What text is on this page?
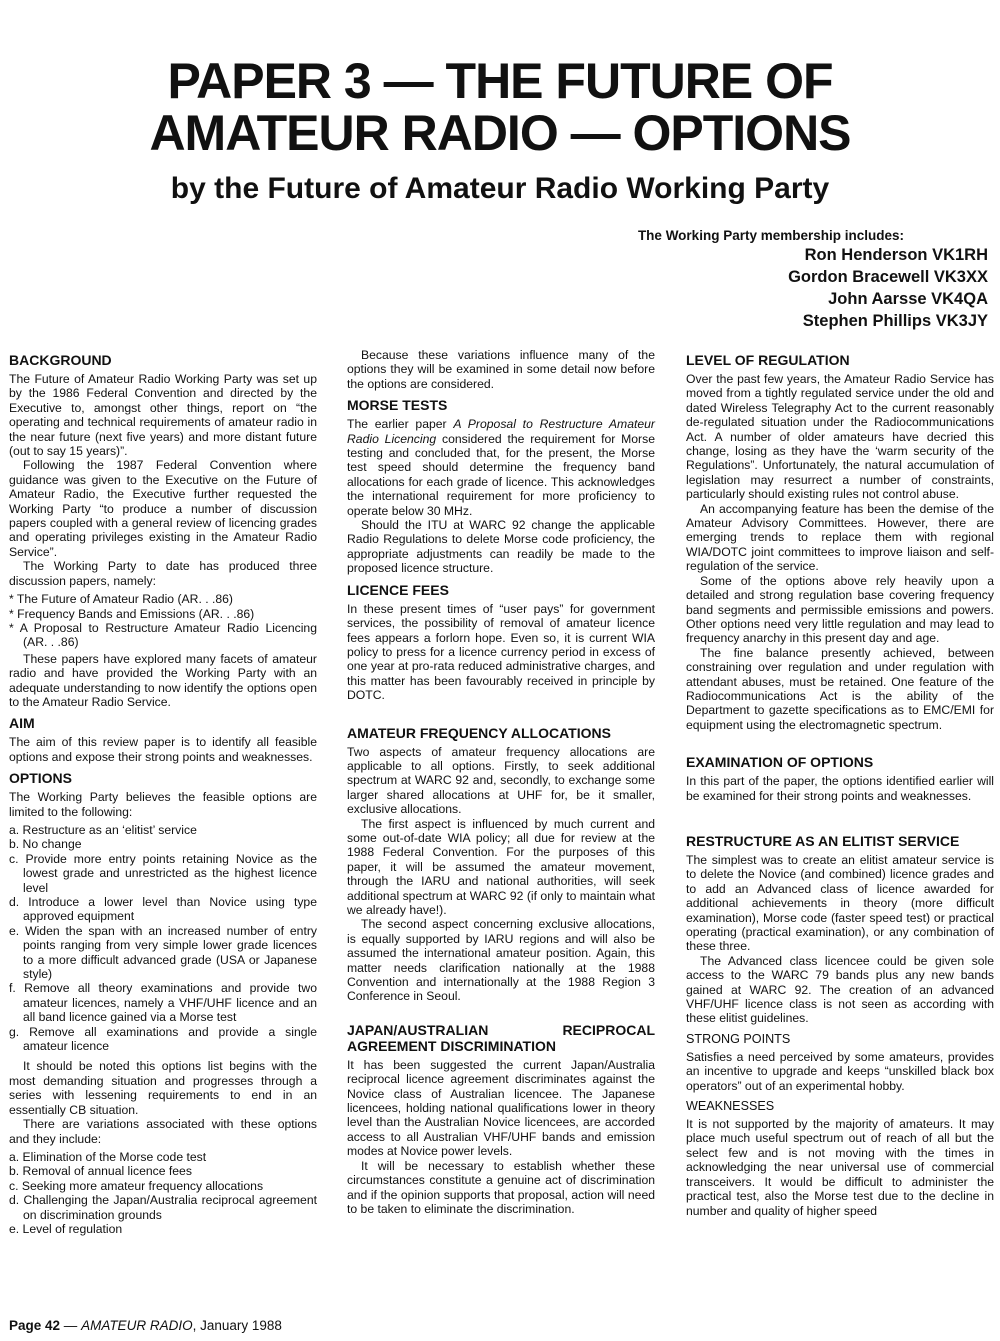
PAPER 3 — THE FUTURE OF
AMATEUR RADIO — OPTIONS
by the Future of Amateur Radio Working Party
The Working Party membership includes:
Ron Henderson VK1RH
Gordon Bracewell VK3XX
John Aarsse VK4QA
Stephen Phillips VK3JY
BACKGROUND

The Future of Amateur Radio Working Party was set up by the 1986 Federal Convention and directed by the Executive to, amongst other things, report on “the operating and technical requirements of amateur radio in the near future (next five years) and more distant future (out to say 15 years)”.

Following the 1987 Federal Convention where guidance was given to the Executive on the Future of Amateur Radio, the Executive further requested the Working Party “to produce a number of discussion papers coupled with a general review of licencing grades and operating privileges existing in the Amateur Radio Service”.

The Working Party to date has produced three discussion papers, namely:

* The Future of Amateur Radio (AR. . .86)
* Frequency Bands and Emissions (AR. . .86)
* A Proposal to Restructure Amateur Radio Licencing (AR. . .86)

These papers have explored many facets of amateur radio and have provided the Working Party with an adequate understanding to now identify the options open to the Amateur Radio Service.

AIM

The aim of this review paper is to identify all feasible options and expose their strong points and weaknesses.

OPTIONS

The Working Party believes the feasible options are limited to the following:

a. Restructure as an ‘elitist’ service
b. No change
c. Provide more entry points retaining Novice as the lowest grade and unrestricted as the highest licence level
d. Introduce a lower level than Novice using type approved equipment
e. Widen the span with an increased number of entry points ranging from very simple lower grade licences to a more difficult advanced grade (USA or Japanese style)
f. Remove all theory examinations and provide two amateur licences, namely a VHF/UHF licence and an all band licence gained via a Morse test
g. Remove all examinations and provide a single amateur licence

It should be noted this options list begins with the most demanding situation and progresses through a series with lessening requirements to end in an essentially CB situation.

There are variations associated with these options and they include:

a. Elimination of the Morse code test
b. Removal of annual licence fees
c. Seeking more amateur frequency allocations
d. Challenging the Japan/Australia reciprocal agreement on discrimination grounds
e. Level of regulation

Because these variations influence many of the options they will be examined in some detail now before the options are considered.

MORSE TESTS

The earlier paper A Proposal to Restructure Amateur Radio Licencing considered the requirement for Morse testing and concluded that, for the present, the Morse test speed should determine the frequency band allocations for each grade of licence. This acknowledges the international requirement for more proficiency to operate below 30 MHz.

Should the ITU at WARC 92 change the applicable Radio Regulations to delete Morse code proficiency, the appropriate adjustments can readily be made to the proposed licence structure.

LICENCE FEES

In these present times of “user pays” for government services, the possibility of removal of amateur licence fees appears a forlorn hope. Even so, it is current WIA policy to press for a licence currency period in excess of one year at pro-rata reduced administrative charges, and this matter has been favourably received in principle by DOTC.

AMATEUR FREQUENCY ALLOCATIONS

Two aspects of amateur frequency allocations are applicable to all options. Firstly, to seek additional spectrum at WARC 92 and, secondly, to exchange some larger shared allocations at UHF for, be it smaller, exclusive allocations.

The first aspect is influenced by much current and some out-of-date WIA policy; all due for review at the 1988 Federal Convention. For the purposes of this paper, it will be assumed the amateur movement, through the IARU and national authorities, will seek additional spectrum at WARC 92 (if only to maintain what we already have!).

The second aspect concerning exclusive allocations, is equally supported by IARU regions and will also be assumed the international amateur position. Again, this matter needs clarification nationally at the 1988 Convention and internationally at the 1988 Region 3 Conference in Seoul.

JAPAN/AUSTRALIAN RECIPROCAL AGREEMENT DISCRIMINATION

It has been suggested the current Japan/Australia reciprocal licence agreement discriminates against the Novice class of Australian licencee. The Japanese licencees, holding national qualifications lower in theory level than the Australian Novice licencees, are accorded access to all Australian VHF/UHF bands and emission modes at Novice power levels.

It will be necessary to establish whether these circumstances constitute a genuine act of discrimination and if the opinion supports that proposal, action will need to be taken to eliminate the discrimination.

LEVEL OF REGULATION

Over the past few years, the Amateur Radio Service has moved from a tightly regulated service under the old and dated Wireless Telegraphy Act to the current reasonably de-regulated situation under the Radiocommunications Act. A number of older amateurs have decried this change, losing as they have the ‘warm security of the Regulations”. Unfortunately, the natural accumulation of legislation may resurrect a number of constraints, particularly should existing rules not control abuse.

An accompanying feature has been the demise of the Amateur Advisory Committees. However, there are emerging trends to replace them with regional WIA/DOTC joint committees to improve liaison and self-regulation of the service.

Some of the options above rely heavily upon a detailed and strong regulation base covering frequency band segments and permissible emissions and powers. Other options need very little regulation and may lead to frequency anarchy in this present day and age.

The fine balance presently achieved, between constraining over regulation and under regulation with attendant abuses, must be retained. One feature of the Radiocommunications Act is the ability of the Department to gazette specifications as to EMC/EMI for equipment using the electromagnetic spectrum.

EXAMINATION OF OPTIONS

In this part of the paper, the options identified earlier will be examined for their strong points and weaknesses.

RESTRUCTURE AS AN ELITIST SERVICE

The simplest was to create an elitist amateur service is to delete the Novice (and combined) licence grades and to add an Advanced class of licence awarded for additional achievements in theory (more difficult examination), Morse code (faster speed test) or practical operating (practical examination), or any combination of these three.

The Advanced class licencee could be given sole access to the WARC 79 bands plus any new bands gained at WARC 92. The creation of an advanced VHF/UHF licence class is not seen as according with these elitist guidelines.

STRONG POINTS

Satisfies a need perceived by some amateurs, provides an incentive to upgrade and keeps “unskilled black box operators” out of an experimental hobby.

WEAKNESSES

It is not supported by the majority of amateurs. It may place much useful spectrum out of reach of all but the select few and is not moving with the times in acknowledging the near universal use of commercial transceivers. It would be difficult to administer the practical test, also the Morse test due to the decline in number and quality of higher speed

Page 42 — AMATEUR RADIO, January 1988
